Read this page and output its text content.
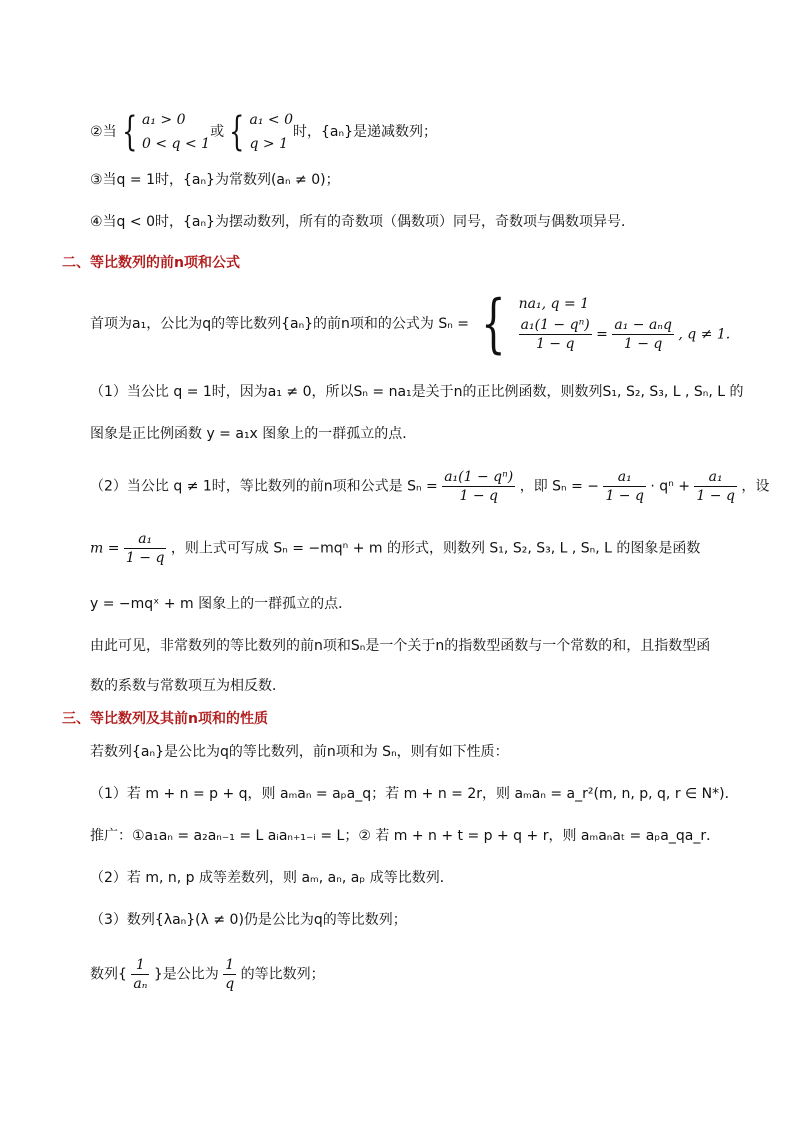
②当 { a₁ > 0
0 < q < 1
或 { a₁ < 0
q > 1
时，{aₙ}是递减数列；
③当q = 1时，{aₙ}为常数列(aₙ ≠ 0)；
④当q < 0时，{aₙ}为摆动数列，所有的奇数项（偶数项）同号，奇数项与偶数项异号．
二、等比数列的前n项和公式
首项为a₁，公比为q的等比数列{aₙ}的前n项和的公式为 Sₙ = { na₁, q = 1
$\frac{\text{a₁(1 − qⁿ)}}{1 - q} = \frac{\text{a₁ − aₙq}}{1 - q}$ , q ≠ 1.
（1）当公比 q = 1时，因为a₁ ≠ 0，所以Sₙ = na₁是关于n的正比例函数，则数列S₁, S₂, S₃, L , Sₙ, L 的
图象是正比例函数 y = a₁x 图象上的一群孤立的点．
（2）当公比 q ≠ 1时，等比数列的前n项和公式是 $S_n = \frac{\text{a₁(1 − qⁿ)}}{1 - q}$ ，即 Sₙ = − $\frac{\text{a₁}}{1 - q} \cdot q^n + \frac{\text{a₁}}{1 - q}$ ，设
$m = \frac{\text{a₁}}{1 - q}$ ，则上式可写成 Sₙ = −mqⁿ + m 的形式，则数列 S₁, S₂, S₃, L , Sₙ, L 的图象是函数
y = −mqˣ + m 图象上的一群孤立的点．
由此可见，非常数列的等比数列的前n项和Sₙ是一个关于n的指数型函数与一个常数的和，且指数型函
数的系数与常数项互为相反数．
三、等比数列及其前n项和的性质
若数列{aₙ}是公比为q的等比数列，前n项和为 Sₙ，则有如下性质：
（1）若 m + n = p + q，则 aₘaₙ = aₚa_q；若 m + n = 2r，则 aₘaₙ = a_r²(m, n, p, q, r ∈ N*)．
推广：①a₁aₙ = a₂aₙ₋₁ = L aᵢaₙ₊₁₋ᵢ = L；② 若 m + n + t = p + q + r，则 aₘaₙaₜ = aₚa_qa_r．
（2）若 m, n, p 成等差数列，则 aₘ, aₙ, aₚ 成等比数列．
（3）数列{λaₙ}(λ ≠ 0)仍是公比为q的等比数列；
数列{ $\frac{1}{\text{aₙ}}$ }是公比为 $\frac{1}{q}$ 的等比数列；
